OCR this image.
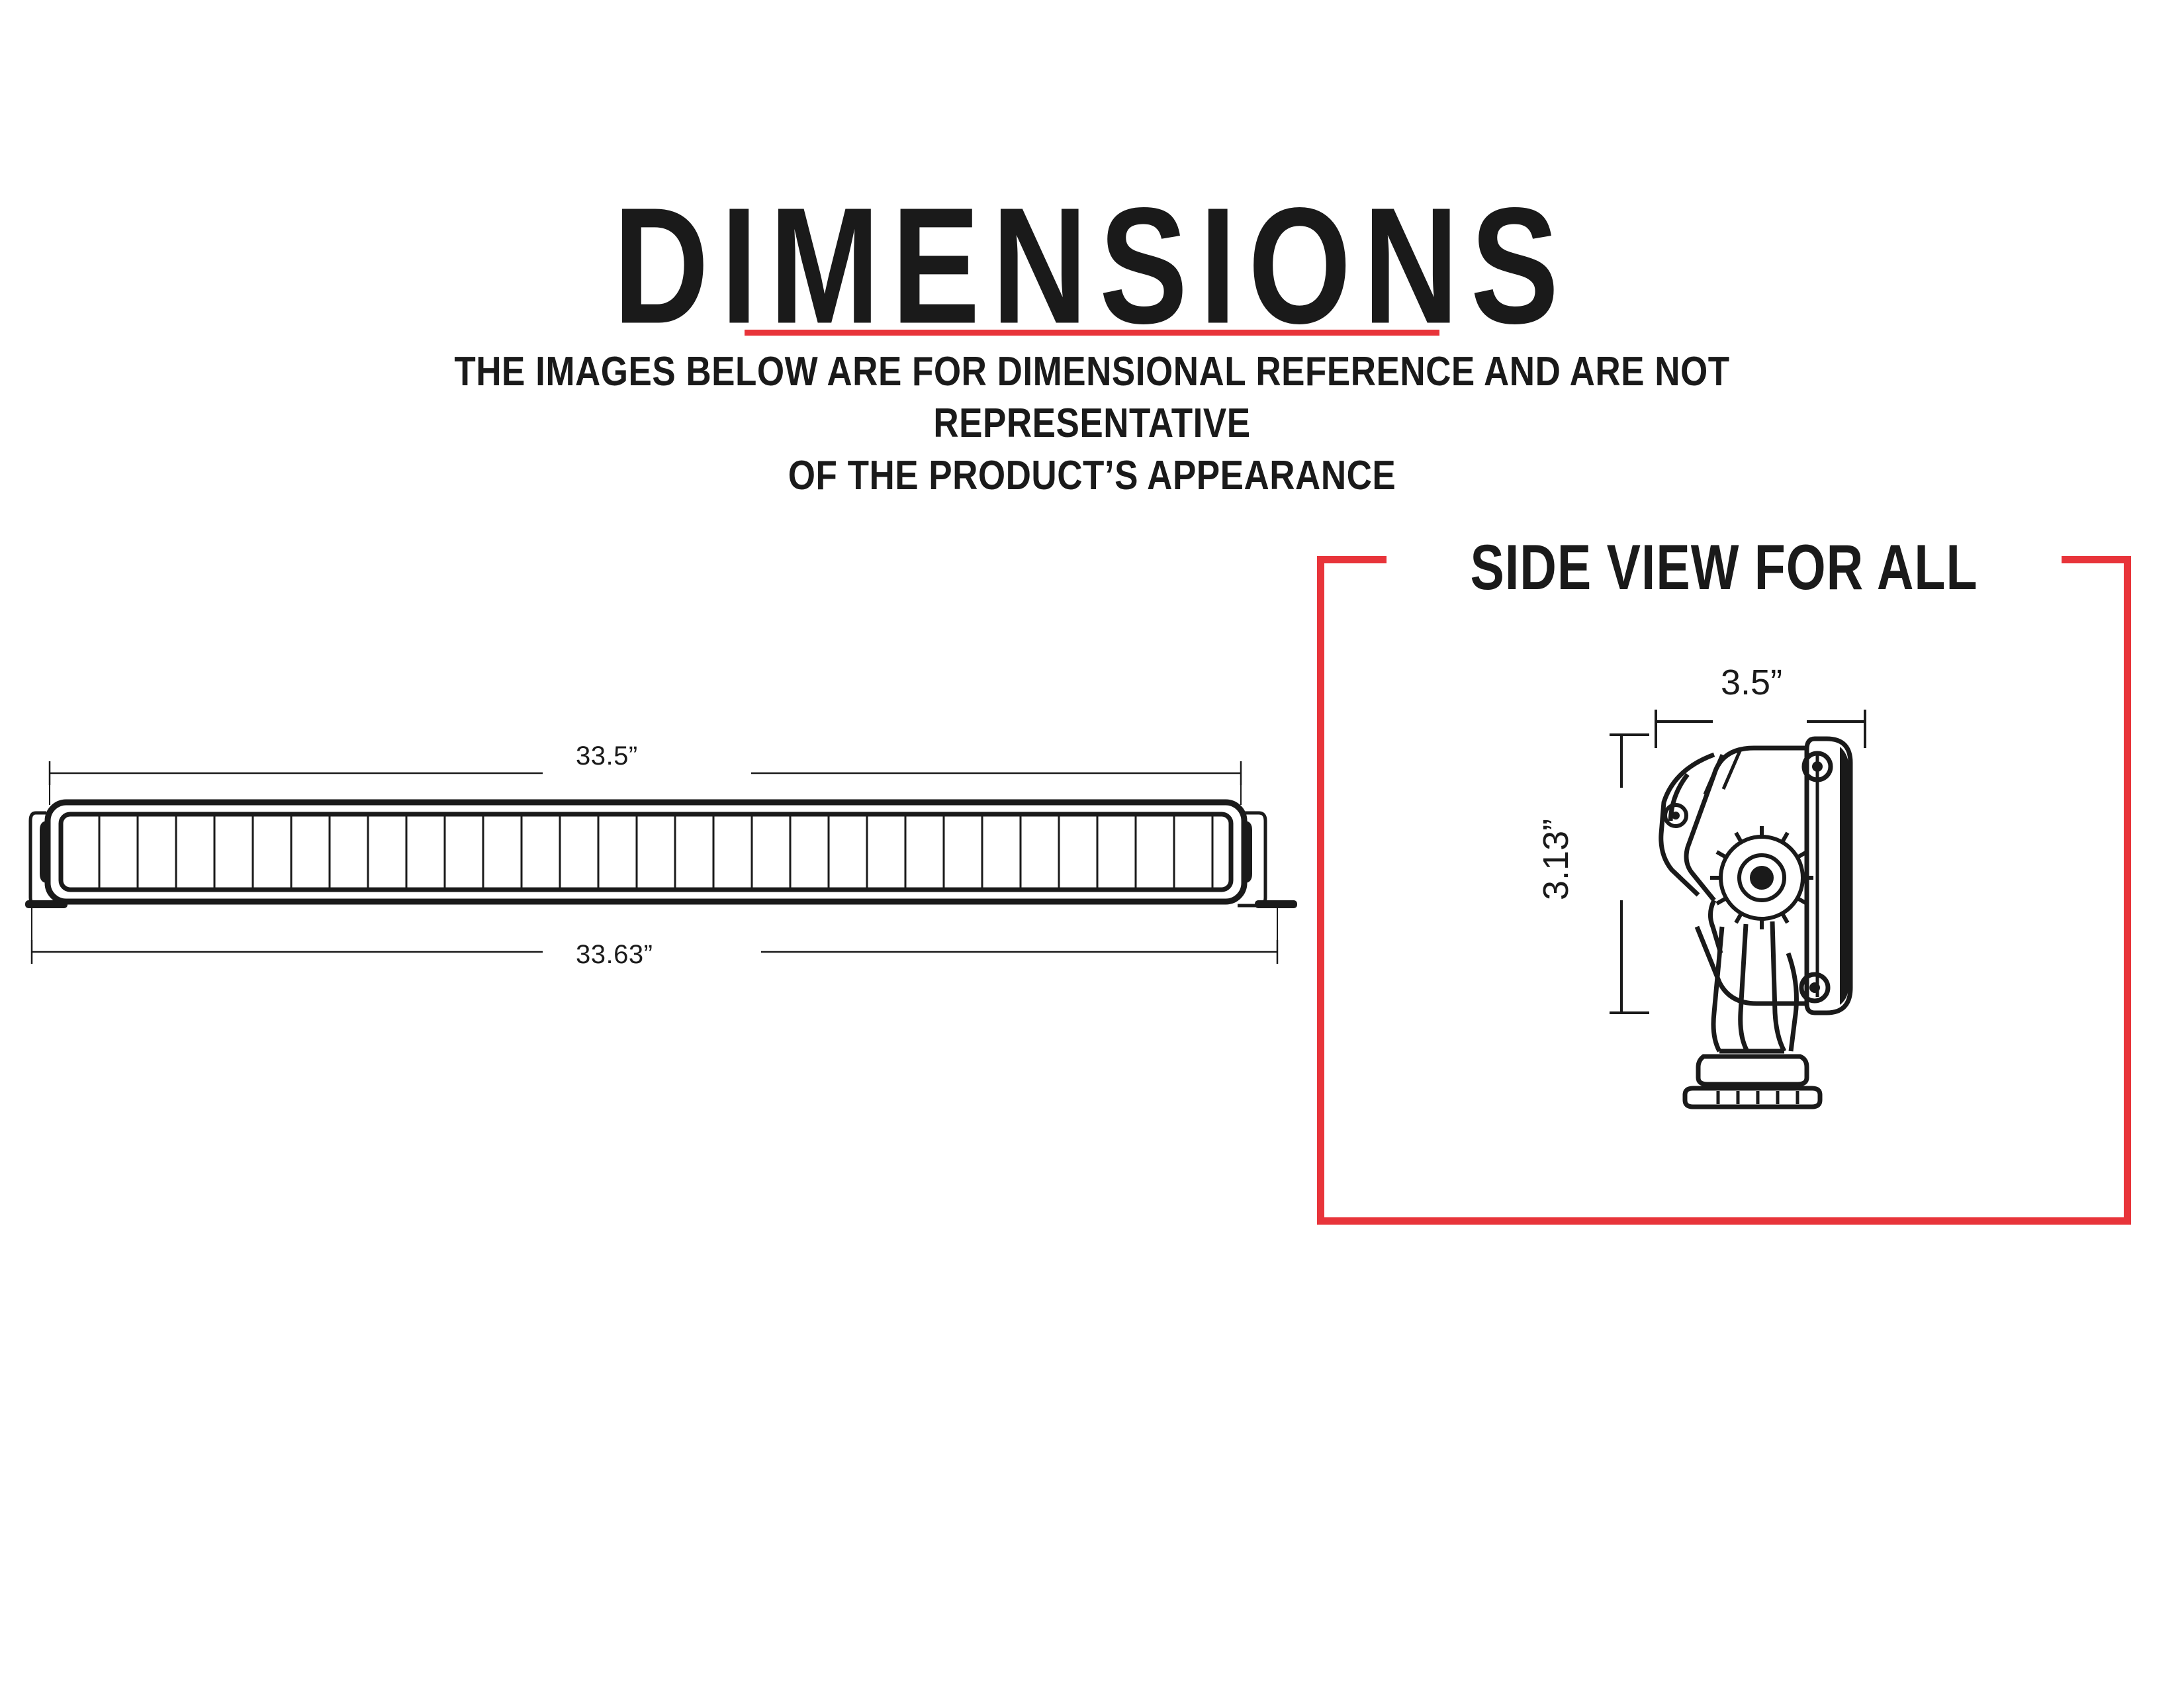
DIMENSIONS
THE IMAGES BELOW ARE FOR DIMENSIONAL REFERENCE AND ARE NOT REPRESENTATIVE
OF THE PRODUCT’S APPEARANCE
33.5”
33.63”
SIDE VIEW FOR ALL
3.5”
3.13”
